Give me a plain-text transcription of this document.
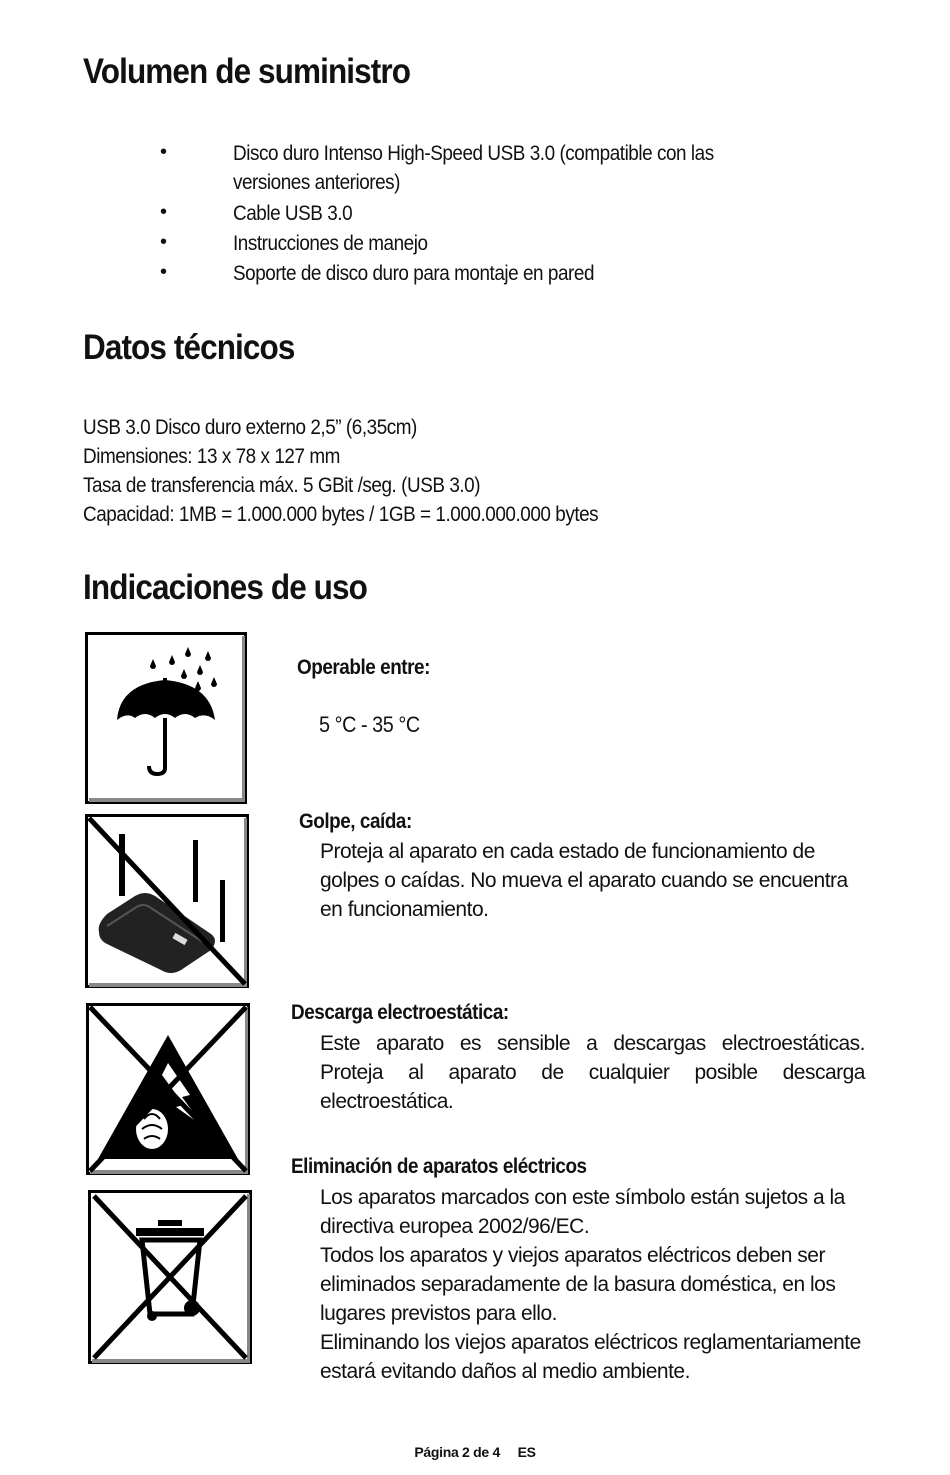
Volumen de suministro
•	Disco duro Intenso High-Speed USB 3.0 (compatible con las
versiones anteriores)
•	Cable USB 3.0
•	Instrucciones de manejo
•	Soporte de disco duro para montaje en pared
Datos técnicos
USB 3.0 Disco duro externo 2,5” (6,35cm)
Dimensiones: 13 x 78 x 127 mm
Tasa de transferencia máx. 5 GBit /seg. (USB 3.0)
Capacidad: 1MB = 1.000.000 bytes / 1GB = 1.000.000.000 bytes
Indicaciones de uso
Operable entre:
5 °C - 35 °C
Golpe, caída:

Proteja al aparato en cada estado de funcionamiento de golpes o caídas. No mueva el aparato cuando se encuentra en funcionamiento.

Descarga electroestática:

Este aparato es sensible a descargas electroestáticas. Proteja al aparato de cualquier posible descarga electroestática.

Eliminación de aparatos eléctricos

Los aparatos marcados con este símbolo están sujetos a la directiva europea 2002/96/EC.

Todos los aparatos y viejos aparatos eléctricos deben ser eliminados separadamente de la basura doméstica, en los lugares previstos para ello.

Eliminando los viejos aparatos eléctricos reglamentariamente estará evitando daños al medio ambiente.

Página 2 de 4 ES
